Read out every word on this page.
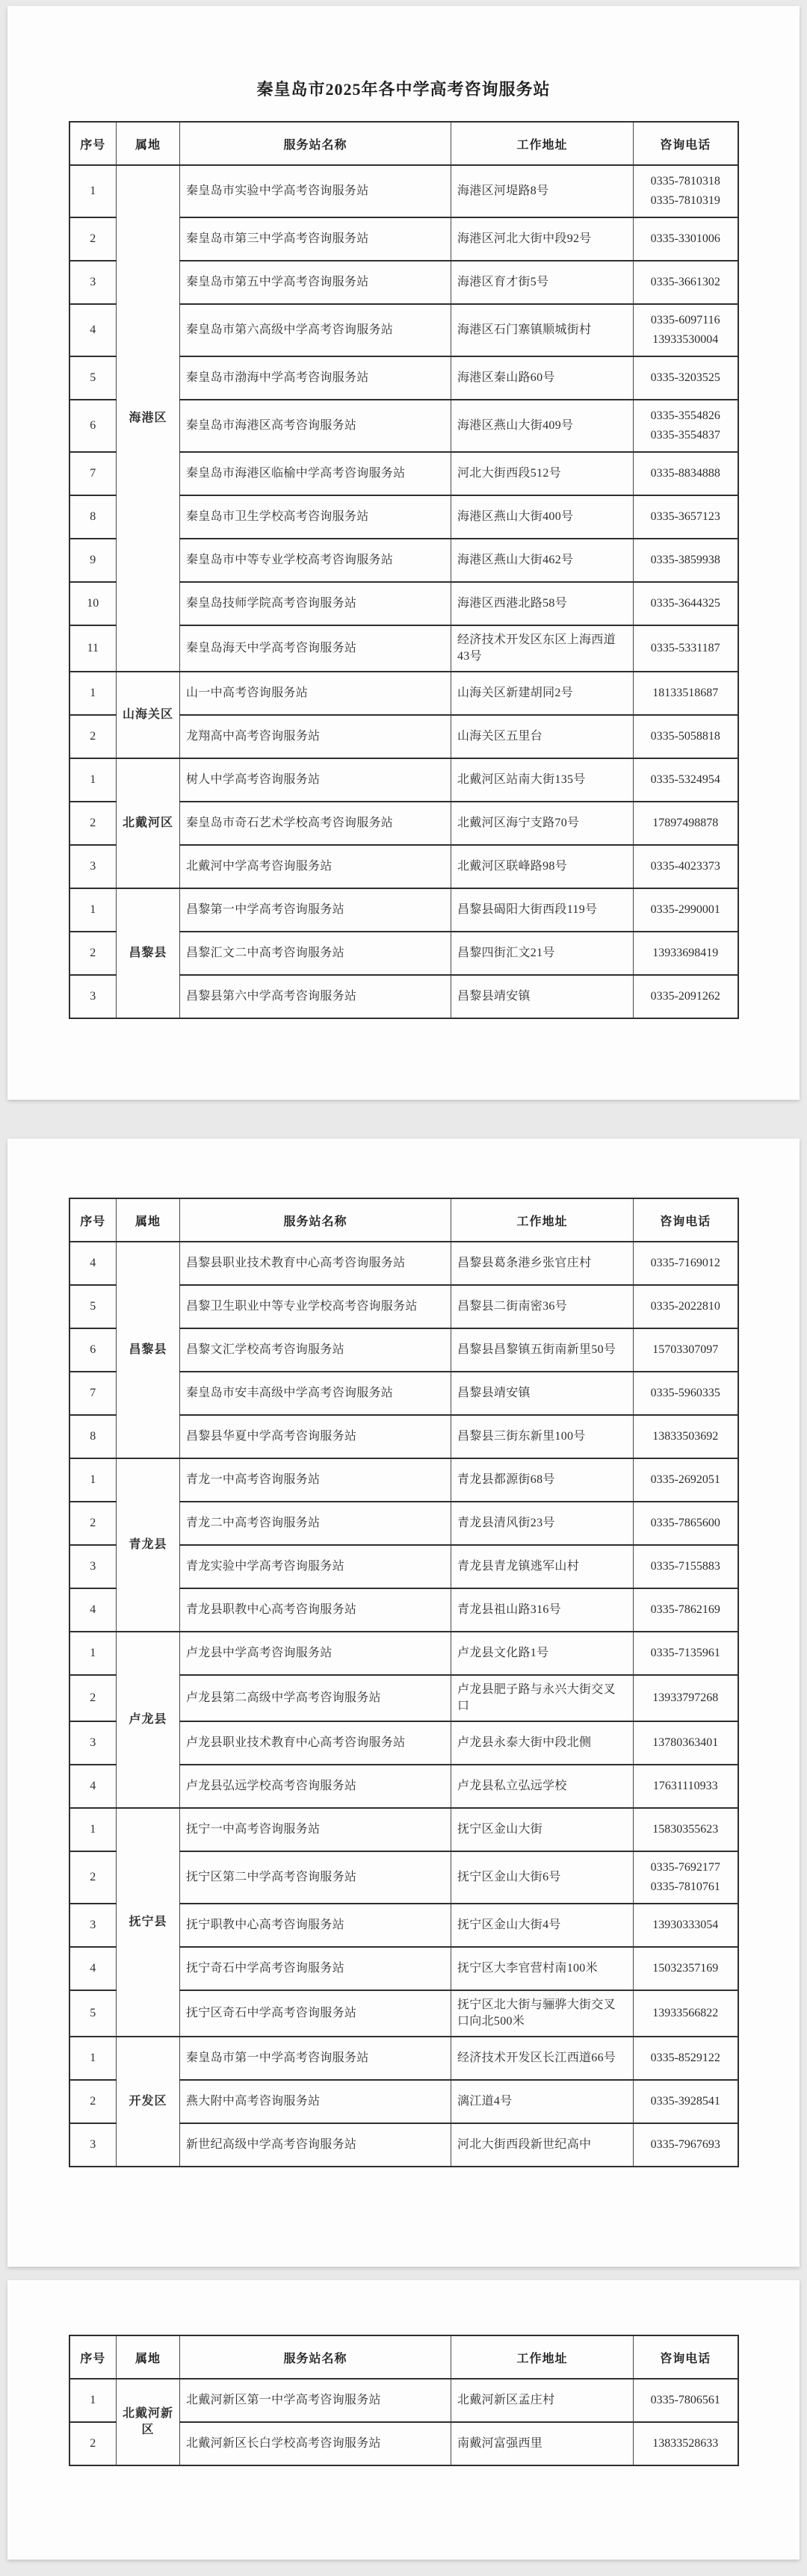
秦皇岛市2025年各中学高考咨询服务站
序号	属地	服务站名称	工作地址	咨询电话
1	海港区	秦皇岛市实验中学高考咨询服务站	海港区河堤路8号	0335-7810318
0335-7810319

2		秦皇岛市第三中学高考咨询服务站	海港区河北大街中段92号	0335-3301006

3		秦皇岛市第五中学高考咨询服务站	海港区育才街5号	0335-3661302

4		秦皇岛市第六高级中学高考咨询服务站	海港区石门寨镇顺城街村	0335-6097116
13933530004

5		秦皇岛市渤海中学高考咨询服务站	海港区秦山路60号	0335-3203525

6		秦皇岛市海港区高考咨询服务站	海港区燕山大街409号	0335-3554826
0335-3554837

7		秦皇岛市海港区临榆中学高考咨询服务站	河北大街西段512号	0335-8834888

8		秦皇岛市卫生学校高考咨询服务站	海港区燕山大街400号	0335-3657123

9		秦皇岛市中等专业学校高考咨询服务站	海港区燕山大街462号	0335-3859938

10		秦皇岛技师学院高考咨询服务站	海港区西港北路58号	0335-3644325

11		秦皇岛海天中学高考咨询服务站	经济技术开发区东区上海西道43号	0335-5331187

1	山海关区	山一中高考咨询服务站	山海关区新建胡同2号	18133518687

2		龙翔高中高考咨询服务站	山海关区五里台	0335-5058818

1	北戴河区	树人中学高考咨询服务站	北戴河区站南大街135号	0335-5324954

2		秦皇岛市奇石艺术学校高考咨询服务站	北戴河区海宁支路70号	17897498878

3		北戴河中学高考咨询服务站	北戴河区联峰路98号	0335-4023373

1	昌黎县	昌黎第一中学高考咨询服务站	昌黎县碣阳大街西段119号	0335-2990001

2		昌黎汇文二中高考咨询服务站	昌黎四街汇文21号	13933698419

3		昌黎县第六中学高考咨询服务站	昌黎县靖安镇	0335-2091262
序号	属地	服务站名称	工作地址	咨询电话
4	昌黎县	昌黎县职业技术教育中心高考咨询服务站	昌黎县葛条港乡张官庄村	0335-7169012

5		昌黎卫生职业中等专业学校高考咨询服务站	昌黎县二街南密36号	0335-2022810

6		昌黎文汇学校高考咨询服务站	昌黎县昌黎镇五街南新里50号	15703307097

7		秦皇岛市安丰高级中学高考咨询服务站	昌黎县靖安镇	0335-5960335

8		昌黎县华夏中学高考咨询服务站	昌黎县三街东新里100号	13833503692

1	青龙县	青龙一中高考咨询服务站	青龙县都源街68号	0335-2692051

2		青龙二中高考咨询服务站	青龙县清风街23号	0335-7865600

3		青龙实验中学高考咨询服务站	青龙县青龙镇逃军山村	0335-7155883

4		青龙县职教中心高考咨询服务站	青龙县祖山路316号	0335-7862169

1	卢龙县	卢龙县中学高考咨询服务站	卢龙县文化路1号	0335-7135961

2		卢龙县第二高级中学高考咨询服务站	卢龙县肥子路与永兴大街交叉口	13933797268

3		卢龙县职业技术教育中心高考咨询服务站	卢龙县永泰大街中段北侧	13780363401

4		卢龙县弘远学校高考咨询服务站	卢龙县私立弘远学校	17631110933

1	抚宁县	抚宁一中高考咨询服务站	抚宁区金山大街	15830355623

2		抚宁区第二中学高考咨询服务站	抚宁区金山大街6号	0335-7692177
0335-7810761

3		抚宁职教中心高考咨询服务站	抚宁区金山大街4号	13930333054

4		抚宁奇石中学高考咨询服务站	抚宁区大李官营村南100米	15032357169

5		抚宁区奇石中学高考咨询服务站	抚宁区北大街与骊骅大街交叉口向北500米	13933566822

1	开发区	秦皇岛市第一中学高考咨询服务站	经济技术开发区长江西道66号	0335-8529122

2		燕大附中高考咨询服务站	漓江道4号	0335-3928541

3		新世纪高级中学高考咨询服务站	河北大街西段新世纪高中	0335-7967693
序号	属地	服务站名称	工作地址	咨询电话
1	北戴河新区	北戴河新区第一中学高考咨询服务站	北戴河新区孟庄村	0335-7806561

2		北戴河新区长白学校高考咨询服务站	南戴河富强西里	13833528633
